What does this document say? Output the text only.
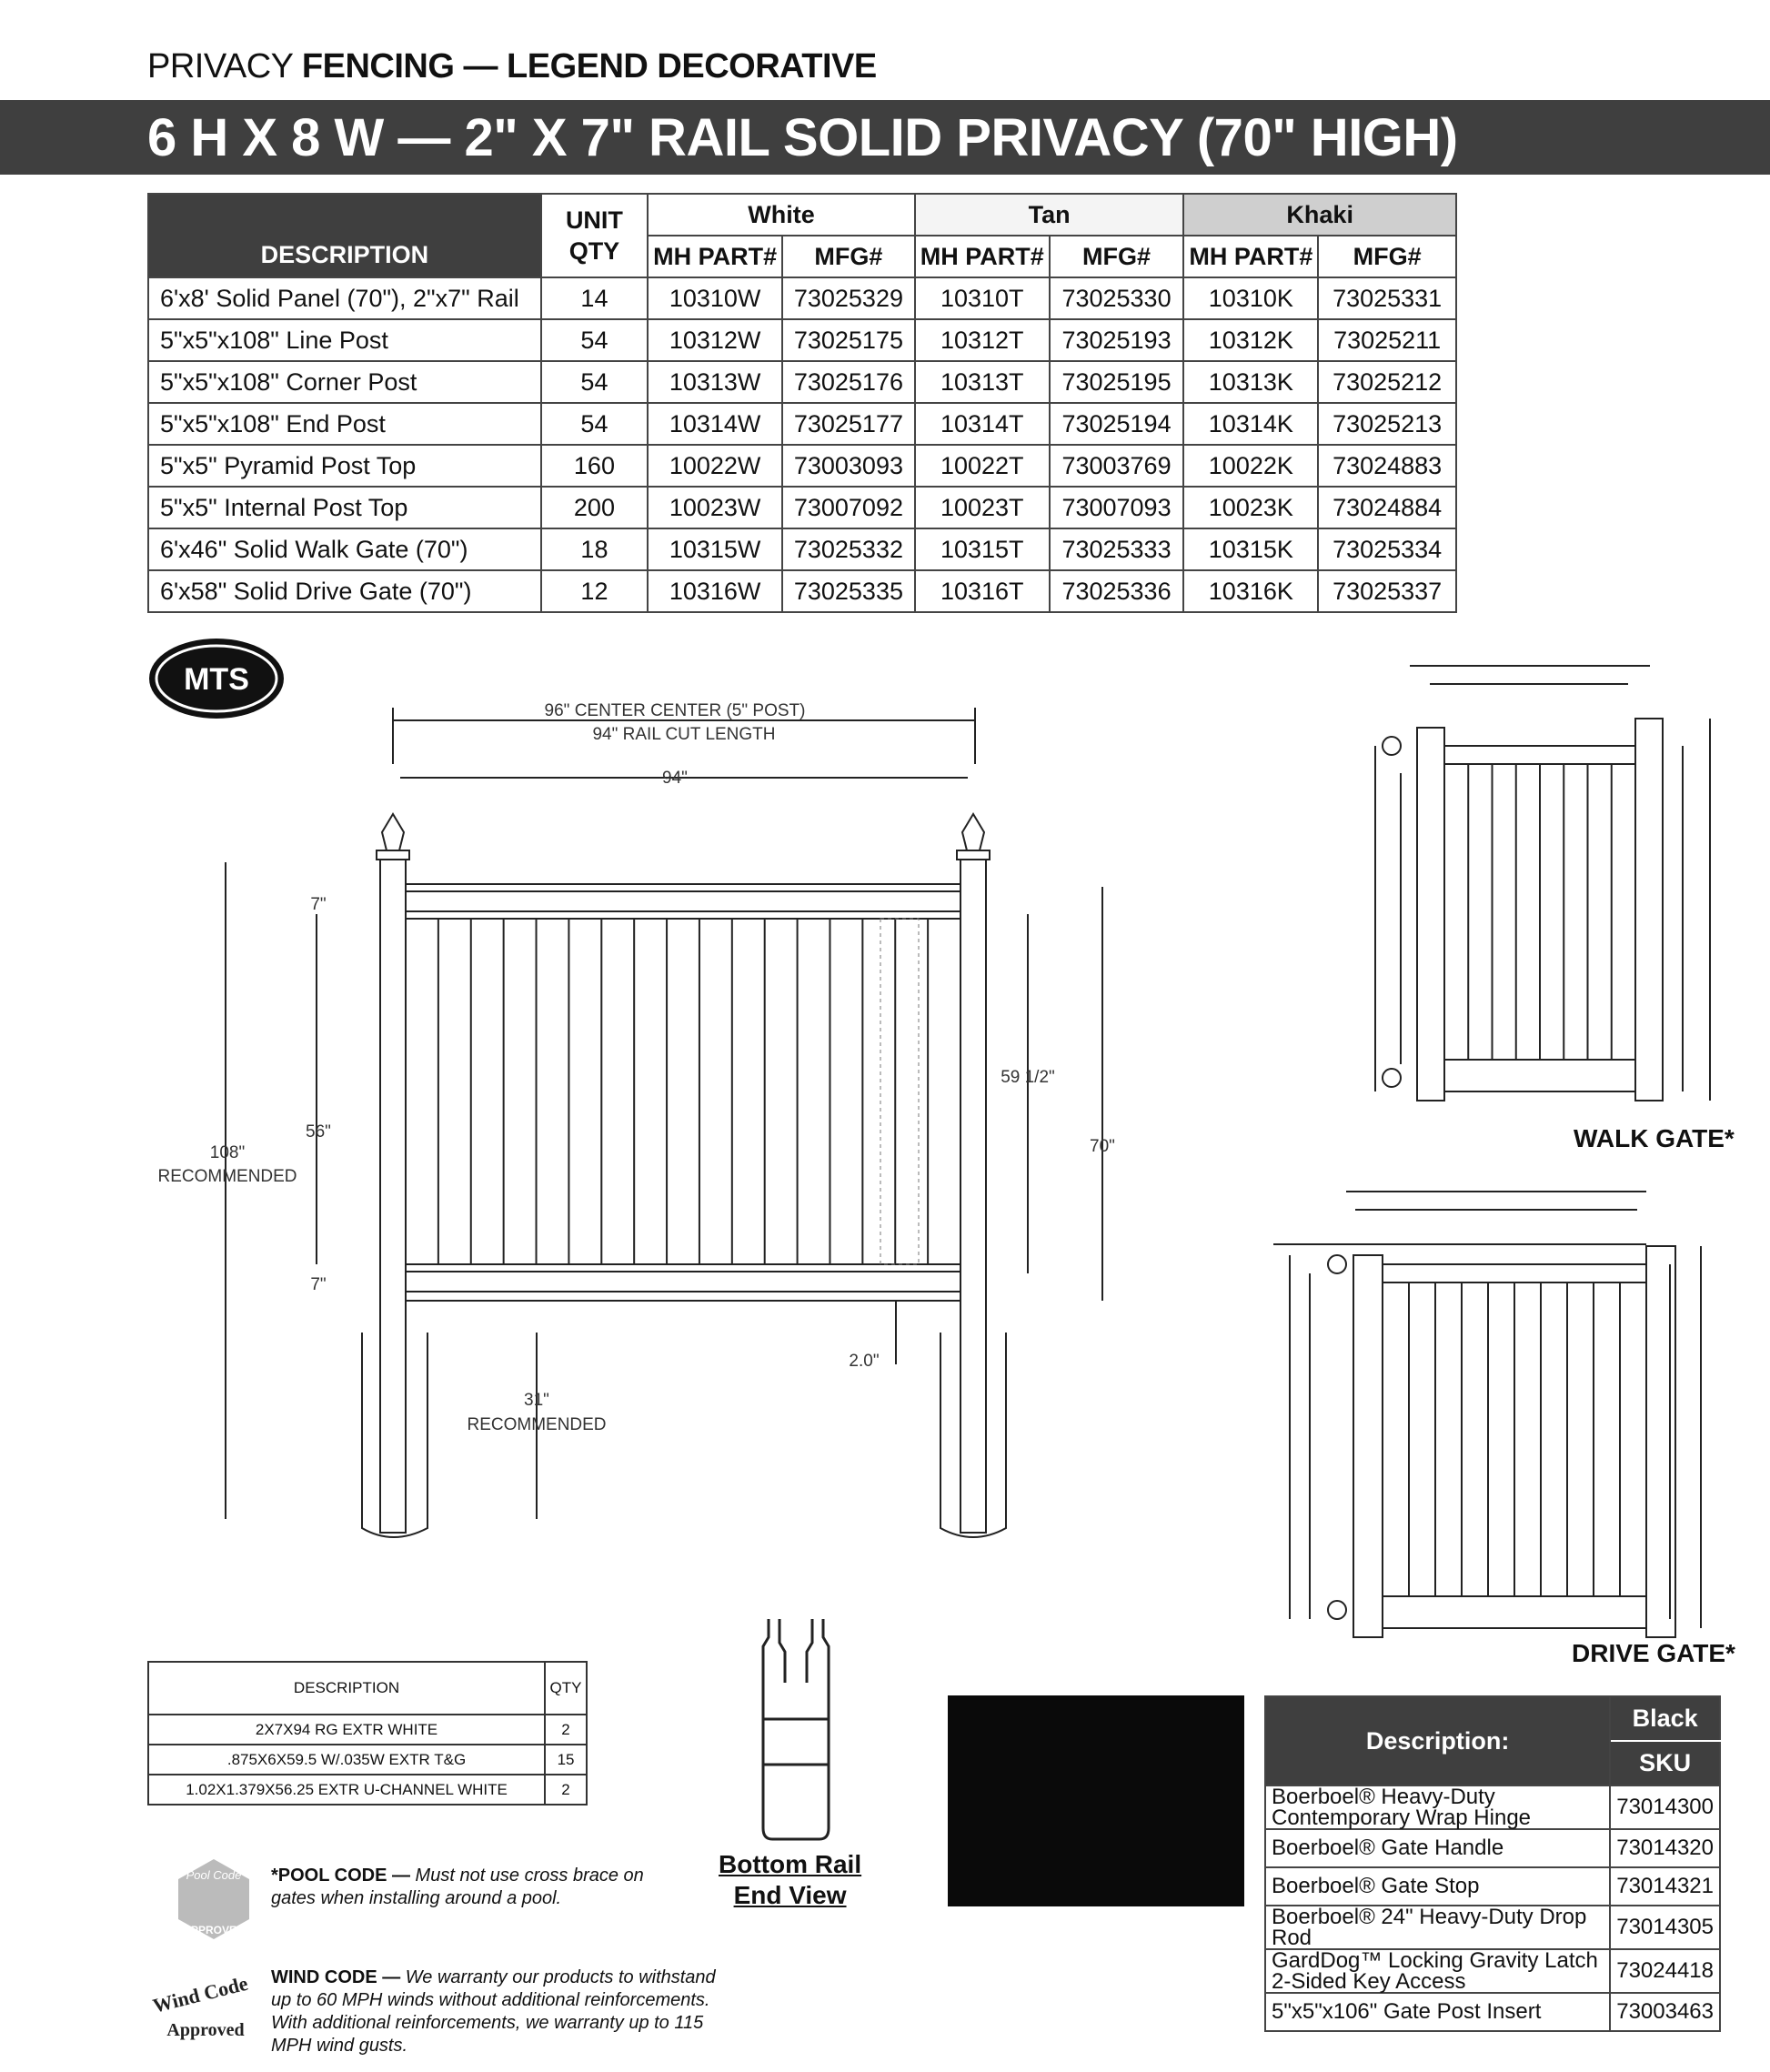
PRIVACY FENCING — LEGEND DECORATIVE
6 H X 8 W — 2" X 7" RAIL SOLID PRIVACY (70" HIGH)
DESCRIPTION	UNIT
QTY	White		Tan		Khaki	
		MH PART#	MFG#	MH PART#	MFG#	MH PART#	MFG#
6'x8' Solid Panel (70"), 2"x7" Rail	14	10310W	73025329	10310T	73025330	10310K	73025331
5"x5"x108" Line Post	54	10312W	73025175	10312T	73025193	10312K	73025211
5"x5"x108" Corner Post	54	10313W	73025176	10313T	73025195	10313K	73025212
5"x5"x108" End Post	54	10314W	73025177	10314T	73025194	10314K	73025213
5"x5" Pyramid Post Top	160	10022W	73003093	10022T	73003769	10022K	73024883
5"x5" Internal Post Top	200	10023W	73007092	10023T	73007093	10023K	73024884
6'x46" Solid Walk Gate (70")	18	10315W	73025332	10315T	73025333	10315K	73025334
6'x58" Solid Drive Gate (70")	12	10316W	73025335	10316T	73025336	10316K	73025337
MTS
96" CENTER CENTER (5" POST)
94" RAIL CUT LENGTH
94"
7"
56"
7"
108"
RECOMMENDED
59 1/2"
70"
2.0"
31"
RECOMMENDED
WALK GATE*
DRIVE GATE*
DESCRIPTION	QTY
2X7X94 RG EXTR WHITE	2
.875X6X59.5 W/.035W EXTR T&G	15
1.02X1.379X56.25 EXTR U-CHANNEL WHITE	2
Bottom Rail
End View
Description:	Black
	SKU
Boerboel® Heavy-Duty Contemporary Wrap Hinge	73014300
Boerboel® Gate Handle	73014320
Boerboel® Gate Stop	73014321
Boerboel® 24" Heavy-Duty Drop Rod	73014305
GardDog™ Locking Gravity Latch 2-Sided Key Access	73024418
5"x5"x106" Gate Post Insert	73003463
Pool Code
APPROVED
*POOL CODE — Must not use cross brace on gates when installing around a pool.
Wind Code
Approved
WIND CODE — We warranty our products to withstand up to 60 MPH winds without additional reinforcements. With additional reinforcements, we warranty up to 115 MPH wind gusts.
